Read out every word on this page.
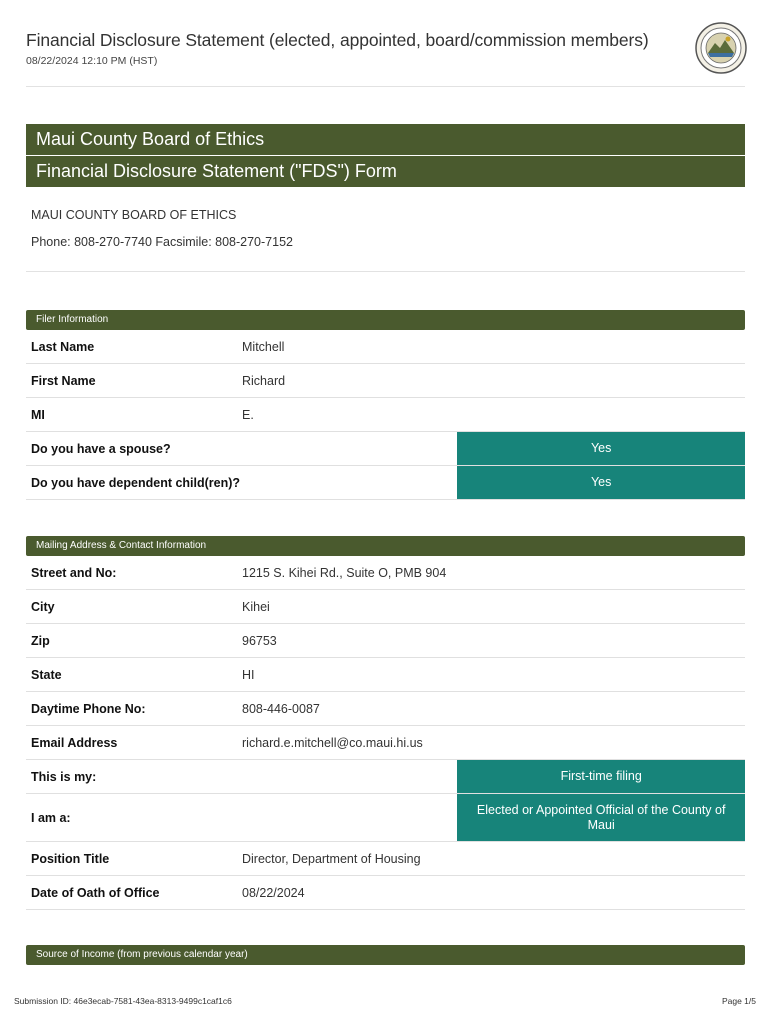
Financial Disclosure Statement (elected, appointed, board/commission members)
08/22/2024 12:10 PM (HST)
Maui County Board of Ethics
Financial Disclosure Statement ("FDS") Form
MAUI COUNTY BOARD OF ETHICS
Phone: 808-270-7740 Facsimile: 808-270-7152
Filer Information
Last Name	Mitchell
First Name	Richard
MI	E.
Do you have a spouse?	Yes
Do you have dependent child(ren)?	Yes
Mailing Address & Contact Information
Street and No:	1215 S. Kihei Rd., Suite O, PMB 904
City	Kihei
Zip	96753
State	HI
Daytime Phone No:	808-446-0087
Email Address	richard.e.mitchell@co.maui.hi.us
This is my:	First-time filing
I am a:
Elected or Appointed Official of the County of Maui
Position Title	Director, Department of Housing
Date of Oath of Office	08/22/2024
Source of Income (from previous calendar year)
Submission ID: 46e3ecab-7581-43ea-8313-9499c1caf1c6	Page 1/5
